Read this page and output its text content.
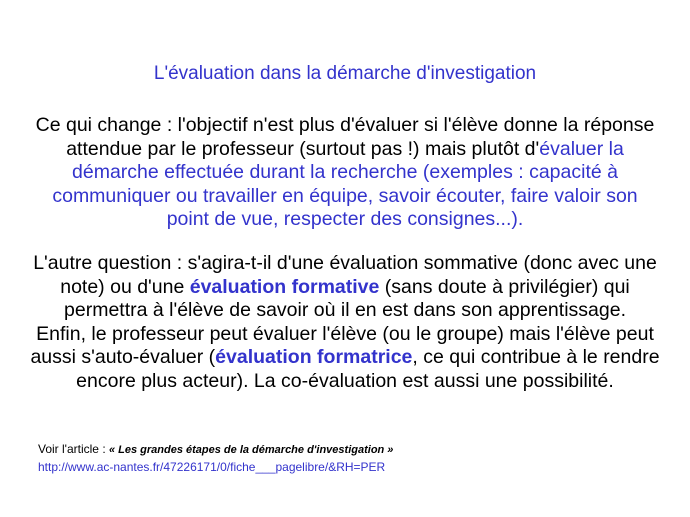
L'évaluation dans la démarche d'investigation
Ce qui change : l'objectif n'est plus d'évaluer si l'élève donne la réponse attendue par le professeur (surtout pas !) mais plutôt d'évaluer la démarche effectuée durant la recherche (exemples : capacité à communiquer ou travailler en équipe, savoir écouter, faire valoir son point de vue, respecter des consignes...).
L'autre question : s'agira-t-il d'une évaluation sommative (donc avec une note) ou d'une évaluation formative (sans doute à privilégier) qui permettra à l'élève de savoir où il en est dans son apprentissage.
Enfin, le professeur peut évaluer l'élève (ou le groupe) mais l'élève peut aussi s'auto-évaluer (évaluation formatrice, ce qui contribue à le rendre encore plus acteur). La co-évaluation est aussi une possibilité.
Voir l'article : « Les grandes étapes de la démarche d'investigation »
http://www.ac-nantes.fr/47226171/0/fiche___pagelibre/&RH=PER
